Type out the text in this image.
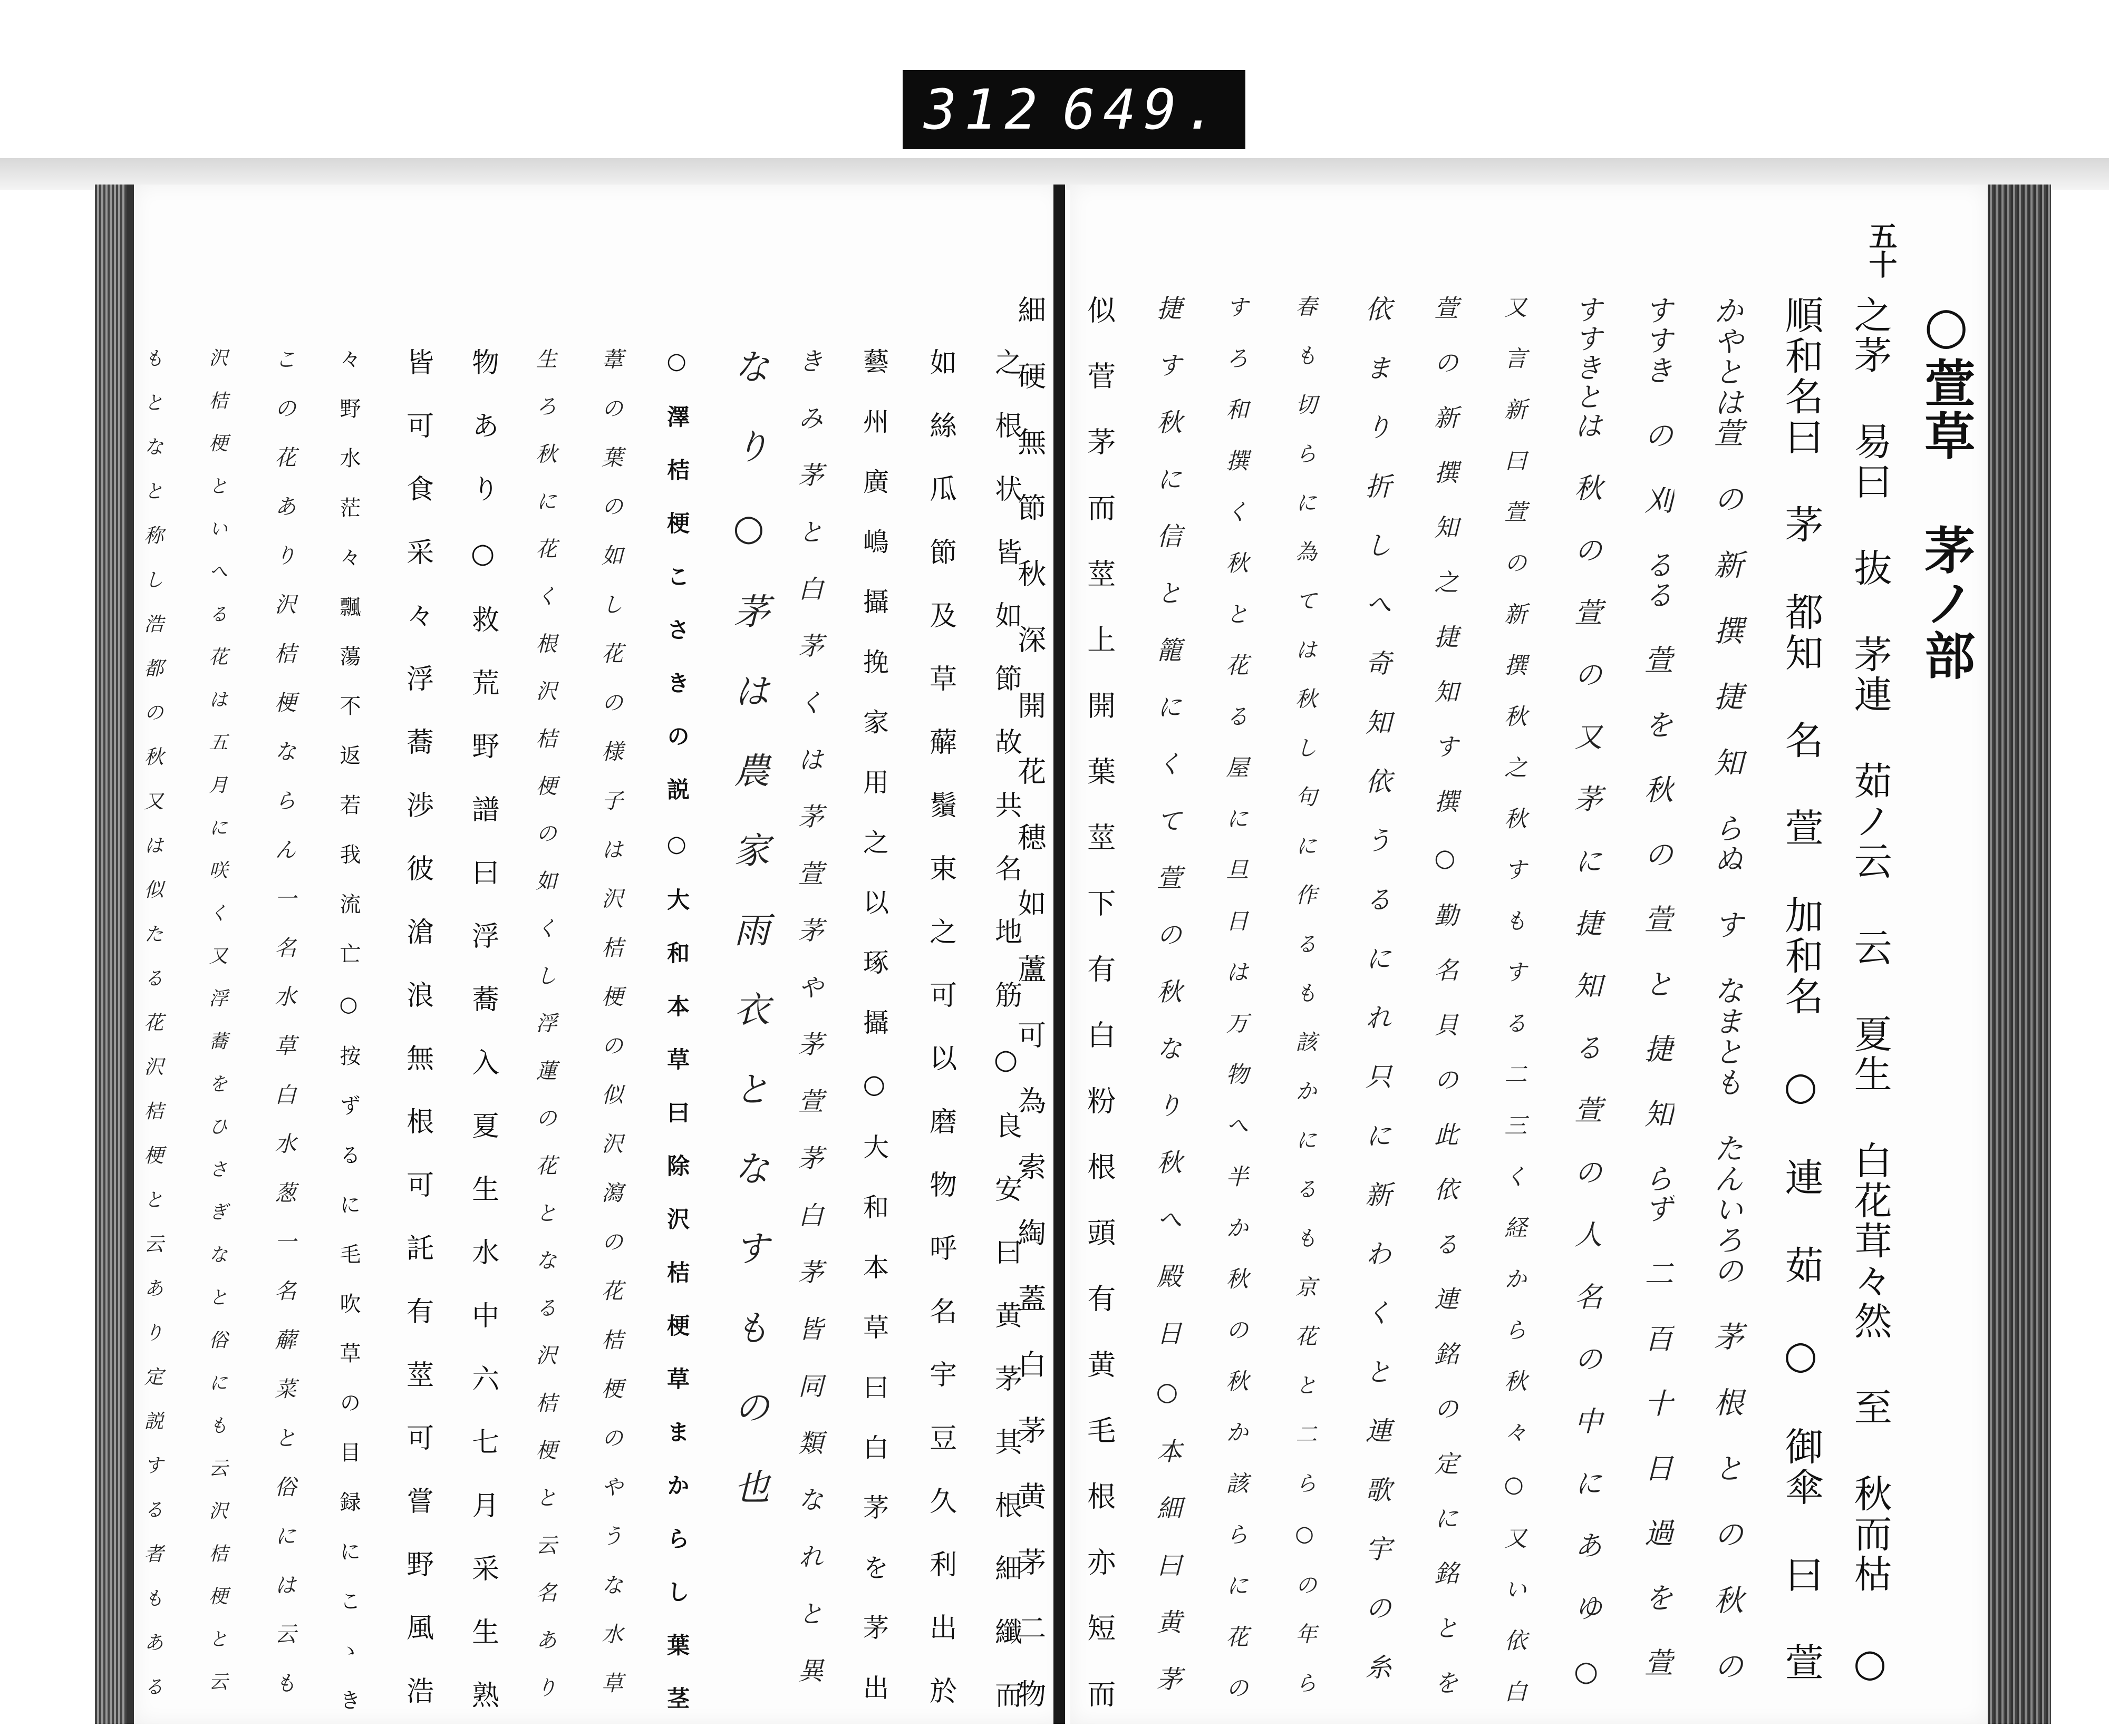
312 649.
五十
○萱草 茅ノ部
之茅 易曰 抜 茅連 茹ノ云 云 夏生 白花茸々然 至 秋而枯 ○
順和名曰 茅 都知 名 萱 加和名 ○ 連 茹 ○ 御傘 曰 萱
かやとは萱 の 新 撰 捷 知 らぬ す なまとも たんいろの 茅 根 と の 秋 の
すすき の 刈 るる 萱 を 秋 の 萱 と 捷 知 らず 二 百 十 日 過 を 萱
すすきとは 秋 の 萱 の 又 茅 に 捷 知 る 萱 の 人 名 の 中 に あ ゆ ○
又 言 新 曰 萱 の 新 撰 秋 之 秋 す も す る 二 三 く 経 か ら 秋 々 ○ 又 い 依 白
萱 の 新 撰 知 之 捷 知 す 撰 ○ 勤 名 貝 の 此 依 る 連 銘 の 定 に 銘 と を
依 ま り 折 し へ 奇 知 依 う る に れ 只 に 新 わ く と 連 歌 宇 の 糸
春 も 切 ら に 為 て は 秋 し 句 に 作 る も 該 か に る も 京 花 と 二 ら ○ の 年 ら
す ろ 和 撰 く 秋 と 花 る 屋 に 旦 日 は 万 物 へ 半 か 秋 の 秋 か 該 ら に 花 の
捷 す 秋 に 信 と 籠 に く て 萱 の 秋 な り 秋 へ 殿 日 ○ 本 細 曰 黄 茅
似 菅 茅 而 莖 上 開 葉 莖 下 有 白 粉 根 頭 有 黄 毛 根 亦 短 而
細 硬 無 節 秋 深 開 花 穂 如 蘆 可 為 索 綯 蓋 白 茅 黄 茅 二 物
之 根 状 皆 如 節 故 共 名 地 筋 ○ 良 安 曰 黄 茅 其 根 細 纖 而
如 絲 瓜 節 及 草 薢 鬚 束 之 可 以 磨 物 呼 名 宇 豆 久 利 出 於
藝 州 廣 嶋 攝 挽 家 用 之 以 琢 攝 ○ 大 和 本 草 曰 白 茅 を 茅 出
き み 茅 と 白 茅 く は 茅 萱 茅 や 茅 萱 茅 白 茅 皆 同 類 な れ と 異
な り ○ 茅 は 農 家 雨 衣 と な す も の 也
○ 澤 桔 梗 こ さ き の 説 ○ 大 和 本 草 曰 除 沢 桔 梗 草 ま か ら し 葉 茎
葦 の 葉 の 如 し 花 の 様 子 は 沢 桔 梗 の 似 沢 瀉 の 花 桔 梗 の や う な 水 草
生 ろ 秋 に 花 く 根 沢 桔 梗 の 如 く し 浮 蓮 の 花 と な る 沢 桔 梗 と 云 名 あ り
物 あ り ○ 救 荒 野 譜 曰 浮 蕎 入 夏 生 水 中 六 七 月 采 生 熟
皆 可 食 采 々 浮 蕎 渉 彼 滄 浪 無 根 可 託 有 莖 可 嘗 野 風 浩
々 野 水 茫 々 飄 蕩 不 返 若 我 流 亡 ○ 按 ず る に 毛 吹 草 の 目 録 に こ ゝ き
こ の 花 あ り 沢 桔 梗 な ら ん 一 名 水 草 白 水 葱 一 名 薢 菜 と 俗 に は 云 も
沢 桔 梗 と い へ る 花 は 五 月 に 咲 く 又 浮 蕎 を ひ さ ぎ な と 俗 に も 云 沢 桔 梗 と 云
も と な と 称 し 浩 都 の 秋 又 は 似 た る 花 沢 桔 梗 と 云 あ り 定 説 す る 者 も あ る
